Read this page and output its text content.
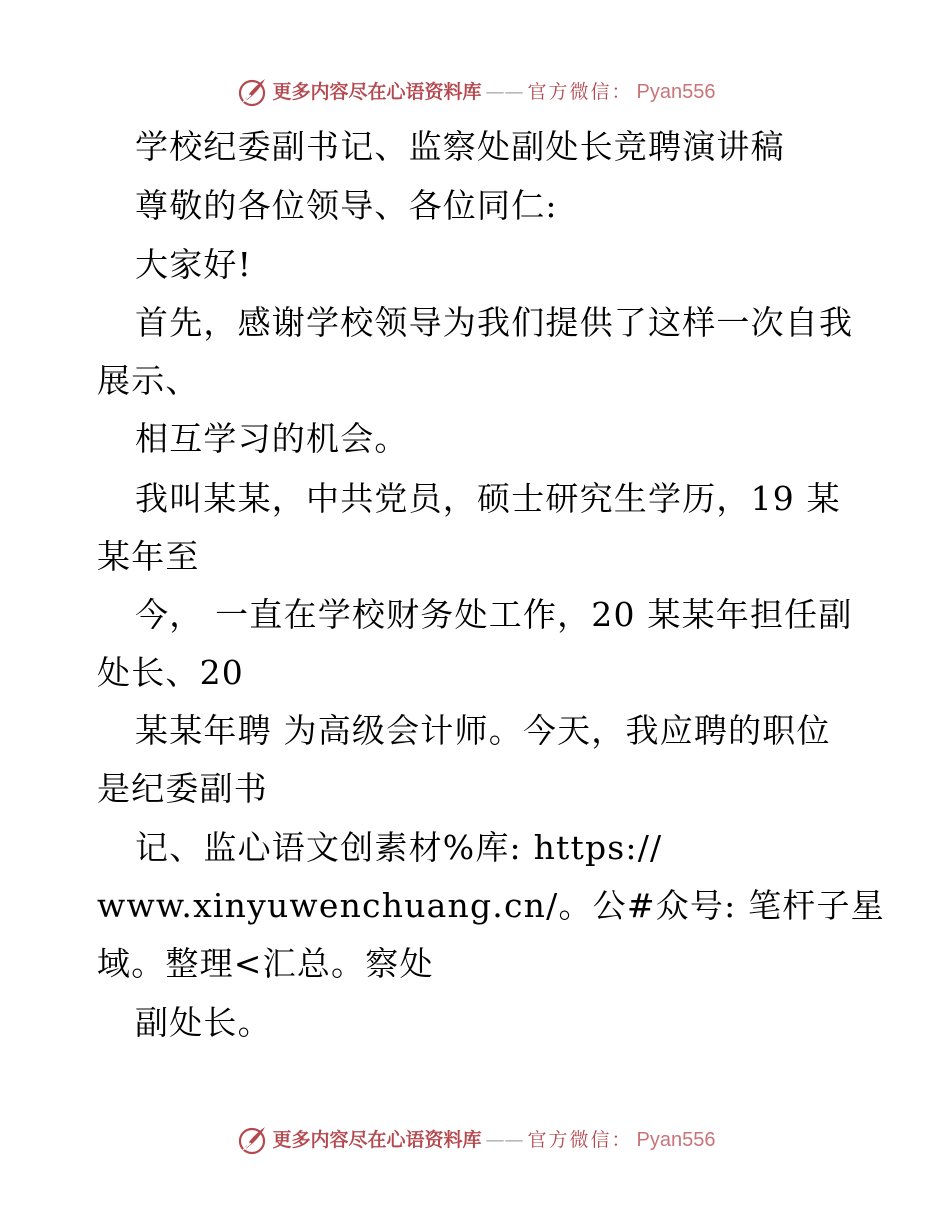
更多内容尽在心语资料库 —— 官方微信： Pyan556
学校纪委副书记、监察处副处长竞聘演讲稿
尊敬的各位领导、各位同仁:
大家好!
首先，感谢学校领导为我们提供了这样一次自我
展示、
相互学习的机会。
我叫某某，中共党员，硕士研究生学历，19 某
某年至
今， 一直在学校财务处工作，20 某某年担任副
处长、20
某某年聘 为高级会计师。今天，我应聘的职位
是纪委副书
记、监心语文创素材%库: https://
www.xinyuwenchuang.cn/。公#众号: 笔杆子星
域。整理<汇总。察处
副处长。
更多内容尽在心语资料库 —— 官方微信： Pyan556
